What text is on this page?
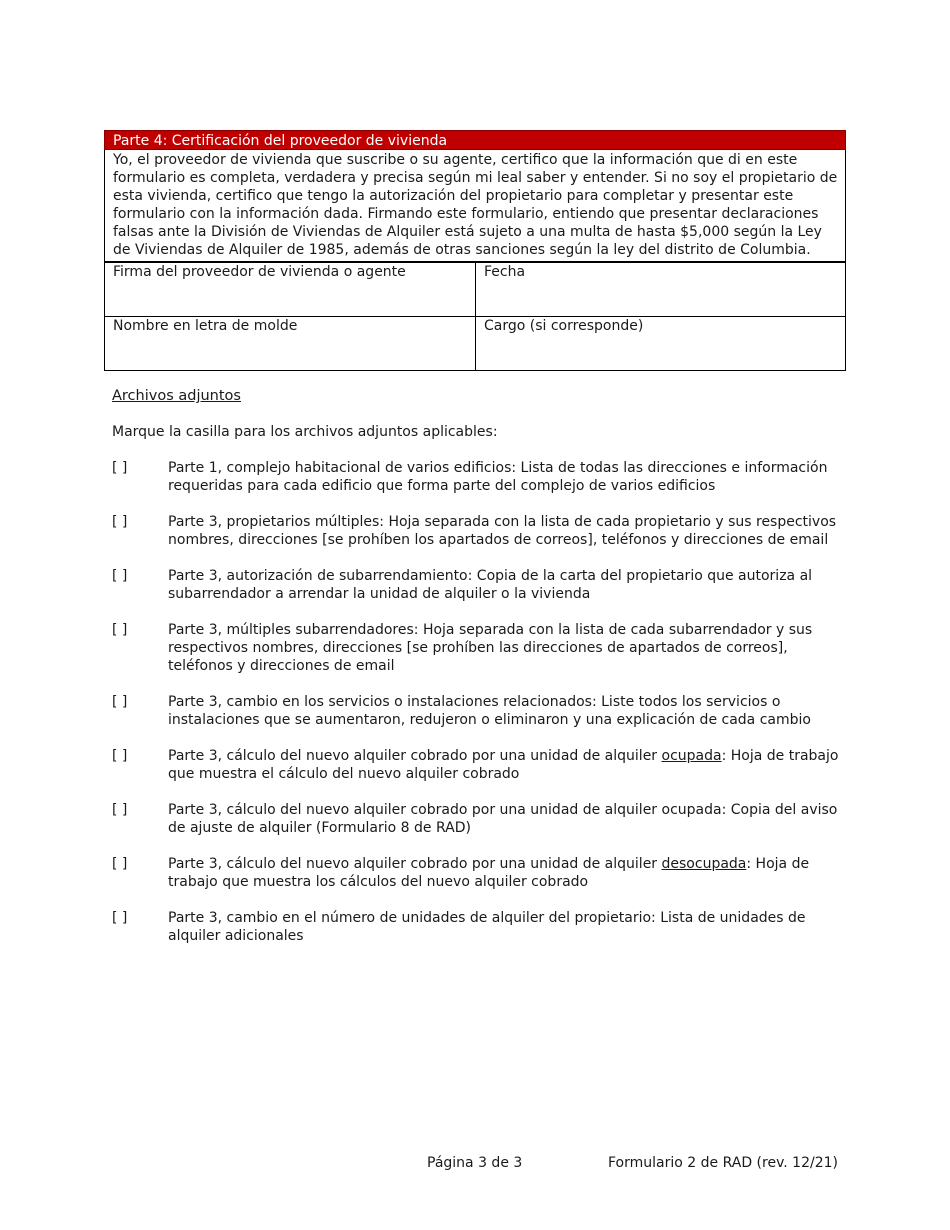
Parte 4: Certificación del proveedor de vivienda
Yo, el proveedor de vivienda que suscribe o su agente, certifico que la información que di en este formulario es completa, verdadera y precisa según mi leal saber y entender. Si no soy el propietario de esta vivienda, certifico que tengo la autorización del propietario para completar y presentar este formulario con la información dada. Firmando este formulario, entiendo que presentar declaraciones falsas ante la División de Viviendas de Alquiler está sujeto a una multa de hasta $5,000 según la Ley de Viviendas de Alquiler de 1985, además de otras sanciones según la ley del distrito de Columbia.
Firma del proveedor de vivienda o agente	Fecha
Nombre en letra de molde	Cargo (si corresponde)
Archivos adjuntos
Marque la casilla para los archivos adjuntos aplicables:
[ ]	Parte 1, complejo habitacional de varios edificios: Lista de todas las direcciones e información requeridas para cada edificio que forma parte del complejo de varios edificios
[ ]	Parte 3, propietarios múltiples: Hoja separada con la lista de cada propietario y sus respectivos nombres, direcciones [se prohíben los apartados de correos], teléfonos y direcciones de email
[ ]	Parte 3, autorización de subarrendamiento: Copia de la carta del propietario que autoriza al subarrendador a arrendar la unidad de alquiler o la vivienda
[ ]	Parte 3, múltiples subarrendadores: Hoja separada con la lista de cada subarrendador y sus respectivos nombres, direcciones [se prohíben las direcciones de apartados de correos], teléfonos y direcciones de email
[ ]	Parte 3, cambio en los servicios o instalaciones relacionados: Liste todos los servicios o instalaciones que se aumentaron, redujeron o eliminaron y una explicación de cada cambio
[ ]	Parte 3, cálculo del nuevo alquiler cobrado por una unidad de alquiler ocupada: Hoja de trabajo que muestra el cálculo del nuevo alquiler cobrado
[ ]	Parte 3, cálculo del nuevo alquiler cobrado por una unidad de alquiler ocupada: Copia del aviso de ajuste de alquiler (Formulario 8 de RAD)
[ ]	Parte 3, cálculo del nuevo alquiler cobrado por una unidad de alquiler desocupada: Hoja de trabajo que muestra los cálculos del nuevo alquiler cobrado
[ ]	Parte 3, cambio en el número de unidades de alquiler del propietario: Lista de unidades de alquiler adicionales
Página 3 de 3	Formulario 2 de RAD (rev. 12/21)
